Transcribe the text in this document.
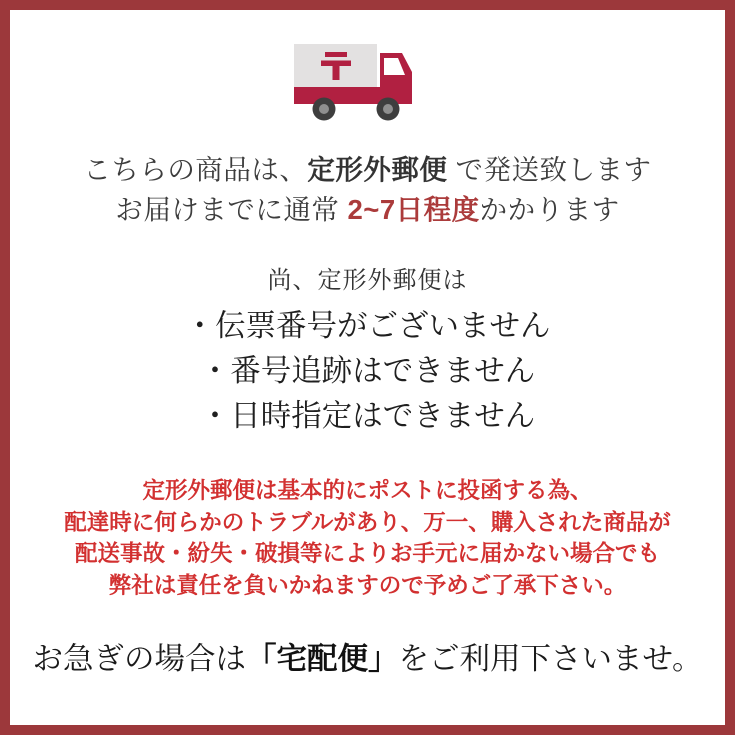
こちらの商品は、定形外郵便 で発送致します
お届けまでに通常 2~7日程度かかります
尚、定形外郵便は
・伝票番号がございません
・番号追跡はできません
・日時指定はできません
定形外郵便は基本的にポストに投函する為、
配達時に何らかのトラブルがあり、万一、購入された商品が
配送事故・紛失・破損等によりお手元に届かない場合でも
弊社は責任を負いかねますので予めご了承下さい。
お急ぎの場合は「宅配便」をご利用下さいませ。
